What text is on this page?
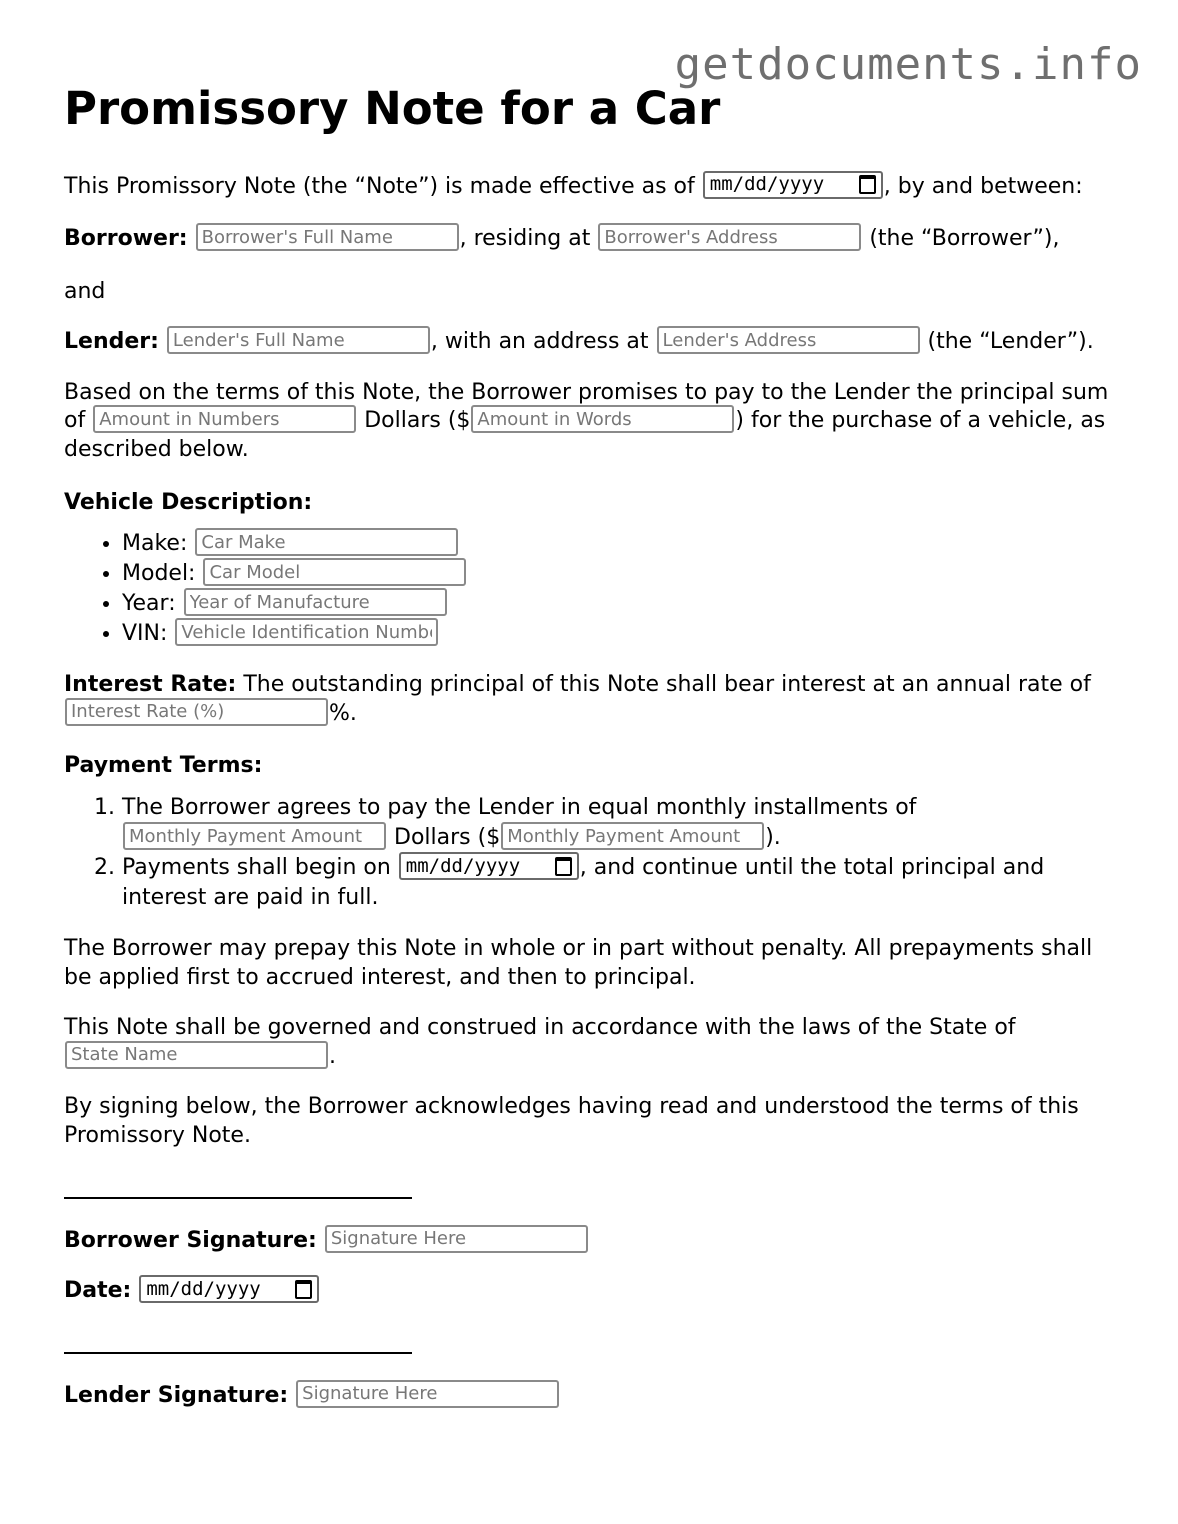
getdocuments.info
Promissory Note for a Car

This Promissory Note (the “Note”) is made effective as of mm/dd/yyyy	, by and between:

Borrower: Borrower's Full Name	, residing at Borrower's Address	(the “Borrower”),

and

Lender: Lender's Full Name	, with an address at Lender's Address	(the “Lender”).

Based on the terms of this Note, the Borrower promises to pay to the Lender the principal sum of Amount in Numbers	Dollars ($Amount in Words	) for the purchase of a vehicle, as described below.

Vehicle Description:
• Make: Car Make
• Model: Car Model
• Year: Year of Manufacture
• VIN: Vehicle Identification Number

Interest Rate: The outstanding principal of this Note shall bear interest at an annual rate of Interest Rate (%)%.

Payment Terms:
1. The Borrower agrees to pay the Lender in equal monthly installments of Monthly Payment Amount Dollars ($Monthly Payment Amount	).
2. Payments shall begin on mm/dd/yyyy	, and continue until the total principal and interest are paid in full.

The Borrower may prepay this Note in whole or in part without penalty. All prepayments shall be applied first to accrued interest, and then to principal.

This Note shall be governed and construed in accordance with the laws of the State of State Name.

By signing below, the Borrower acknowledges having read and understood the terms of this Promissory Note.

Borrower Signature: Signature Here

Date: mm/dd/yyyy

Lender Signature: Signature Here
